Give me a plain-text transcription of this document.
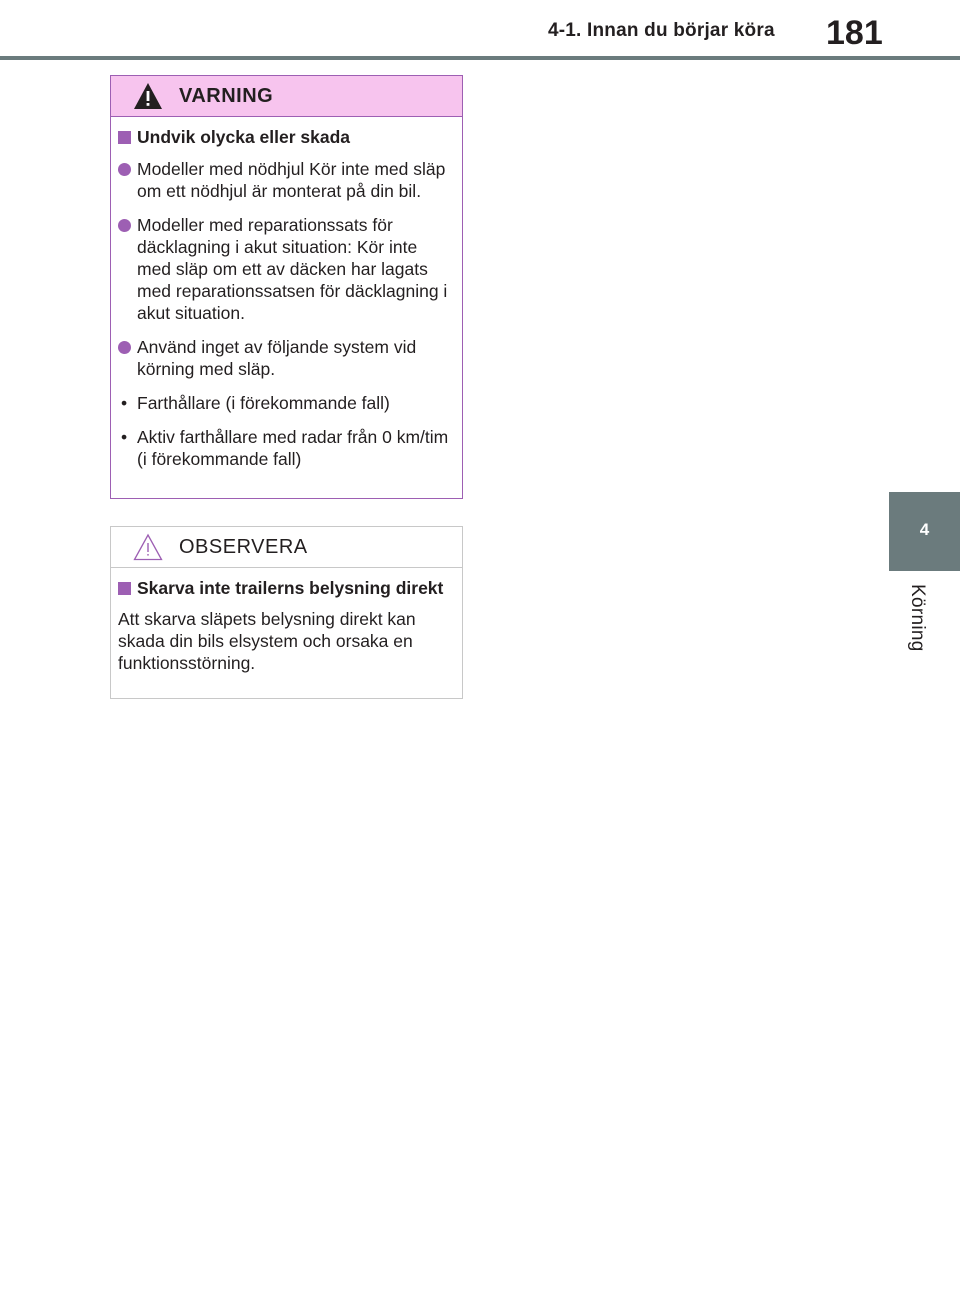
4-1. Innan du börjar köra 181
4
Körning
VARNING
Undvik olycka eller skada
Modeller med nödhjul Kör inte med släp om ett nödhjul är monterat på din bil.
Modeller med reparationssats för däcklagning i akut situation: Kör inte med släp om ett av däcken har lagats med reparationssatsen för däcklagning i akut situation.
Använd inget av följande system vid körning med släp.
• Farthållare (i förekommande fall)
• Aktiv farthållare med radar från 0 km/tim (i förekommande fall)
OBSERVERA
Skarva inte trailerns belysning direkt
Att skarva släpets belysning direkt kan skada din bils elsystem och orsaka en funktionsstörning.
